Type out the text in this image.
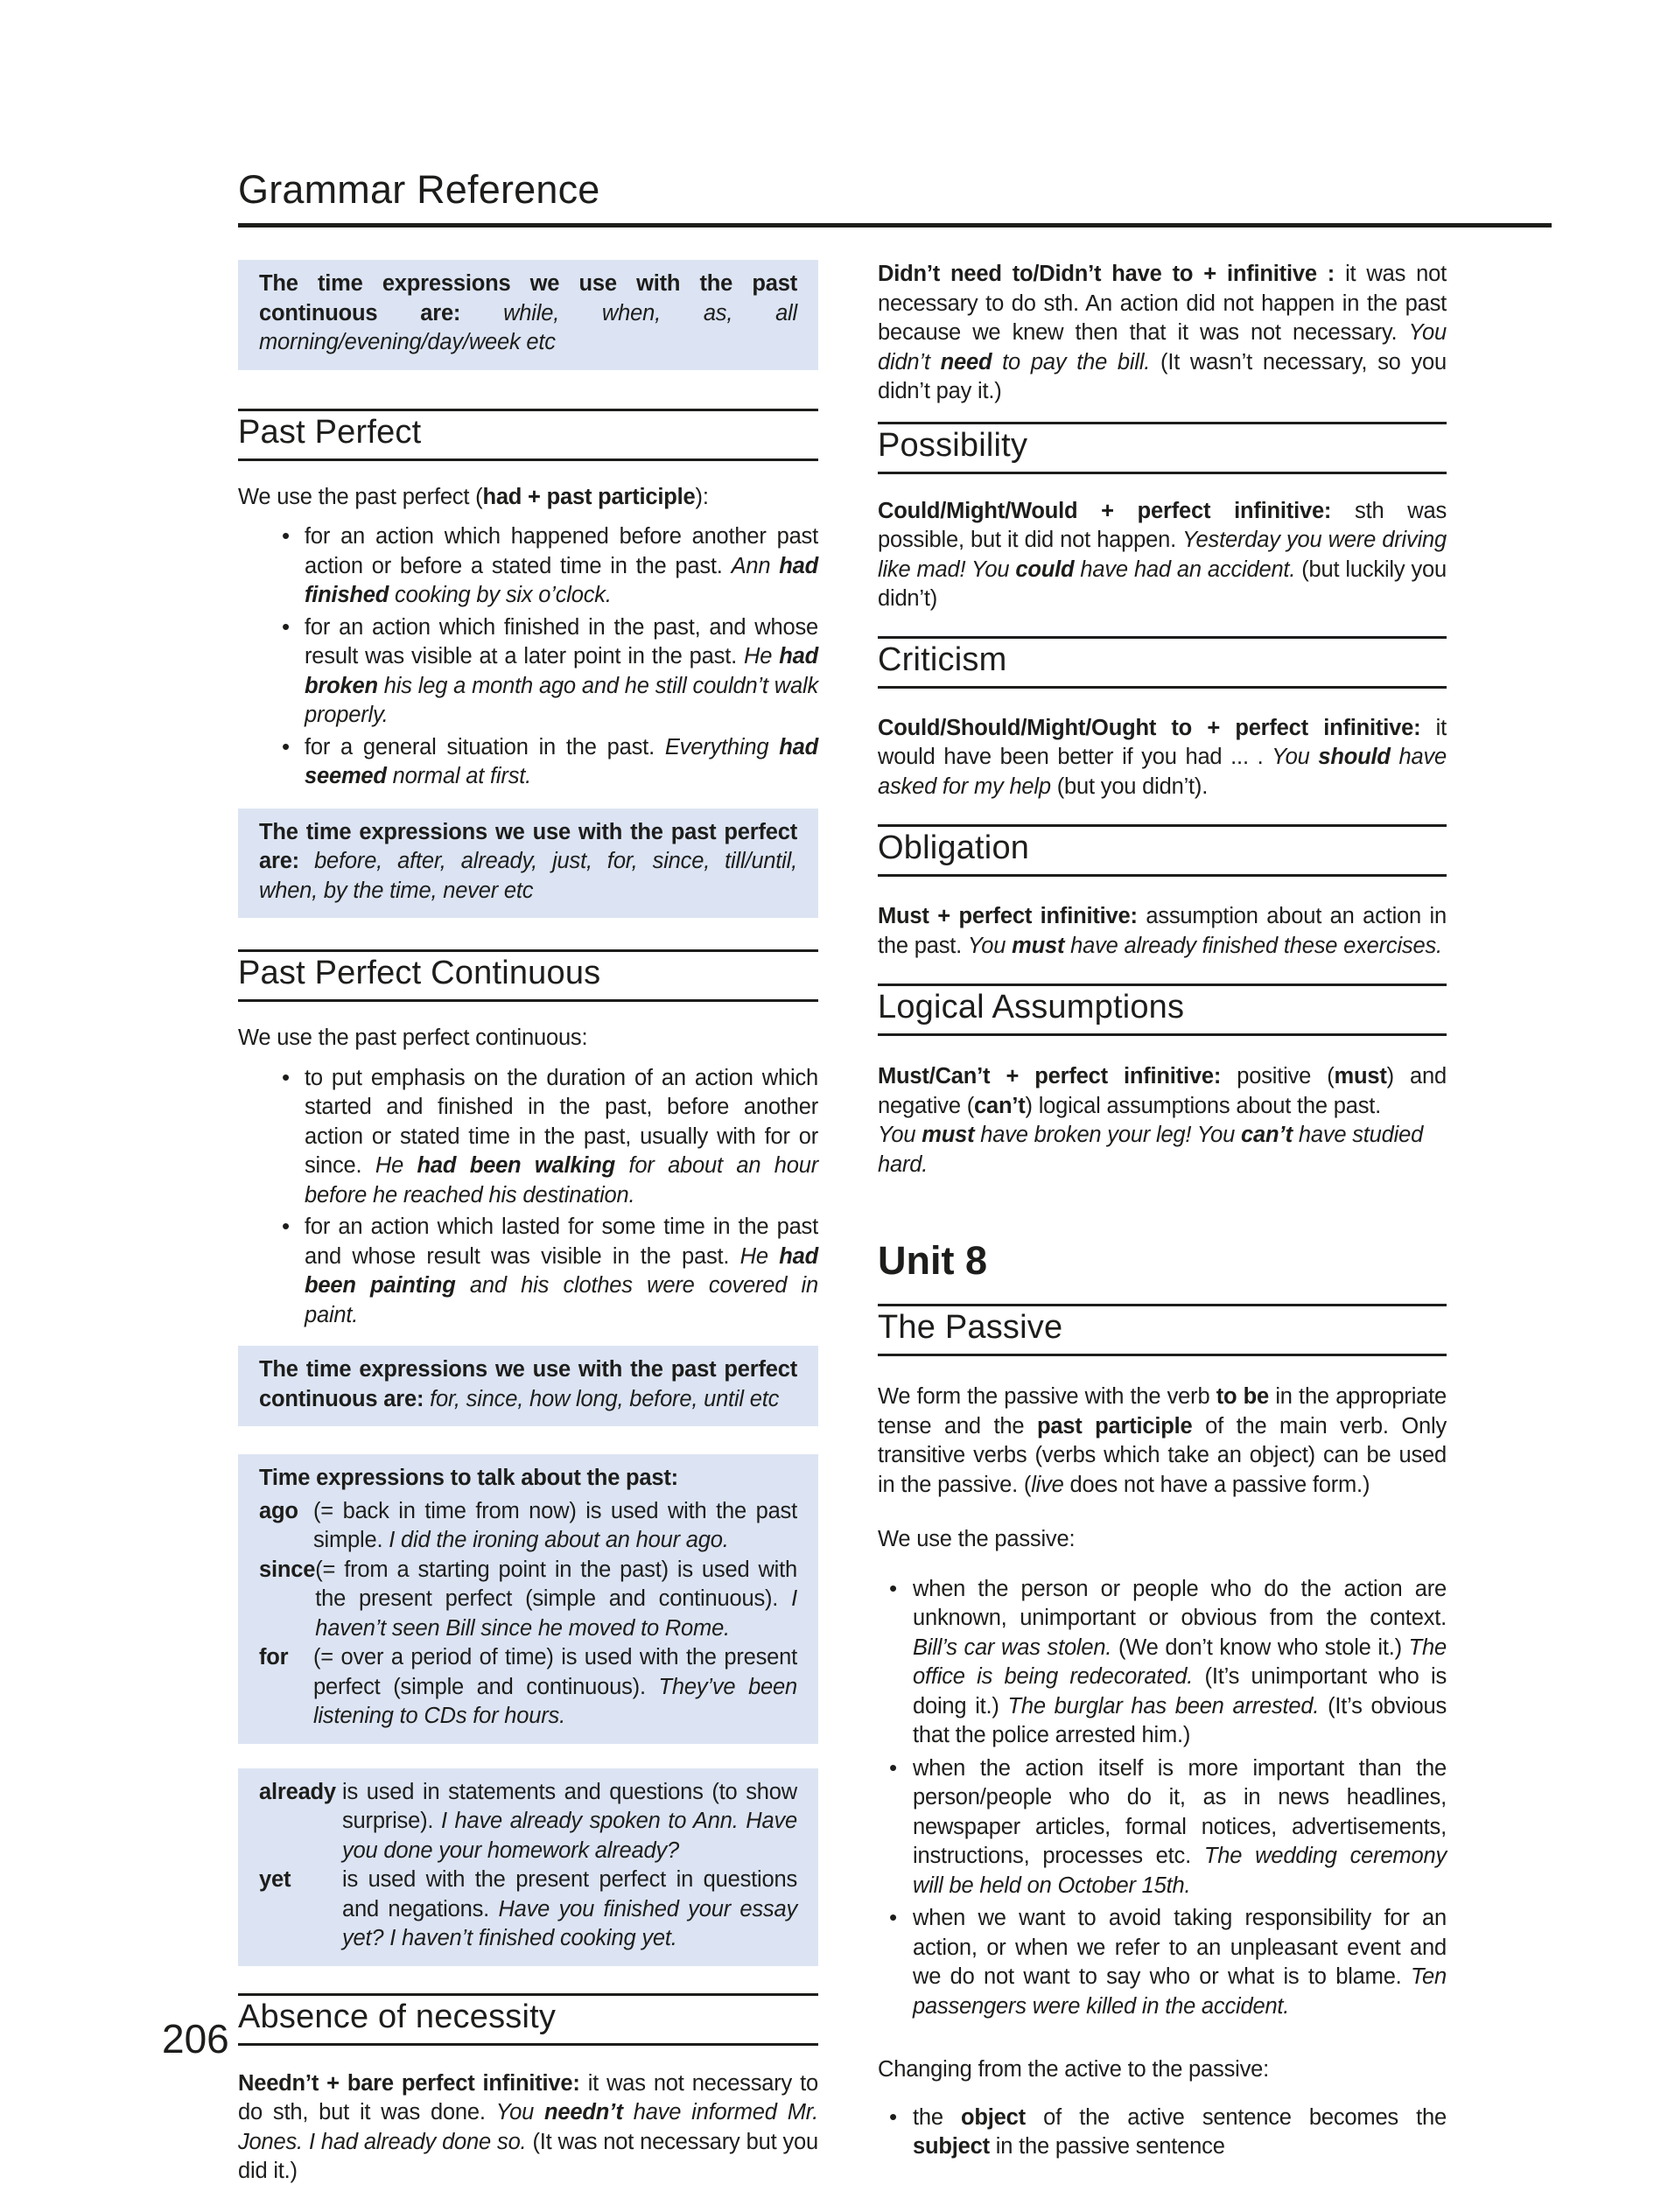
Grammar Reference

The time expressions we use with the past continuous are: while, when, as, all morning/evening/day/week etc

Past Perfect

We use the past perfect (had + past participle):

• for an action which happened before another past action or before a stated time in the past. Ann had finished cooking by six o’clock.
• for an action which finished in the past, and whose result was visible at a later point in the past. He had broken his leg a month ago and he still couldn’t walk properly.
• for a general situation in the past. Everything had seemed normal at first.

The time expressions we use with the past perfect are: before, after, already, just, for, since, till/until, when, by the time, never etc

Past Perfect Continuous

We use the past perfect continuous:

• to put emphasis on the duration of an action which started and finished in the past, before another action or stated time in the past, usually with for or since. He had been walking for about an hour before he reached his destination.
• for an action which lasted for some time in the past and whose result was visible in the past. He had been painting and his clothes were covered in paint.

The time expressions we use with the past perfect continuous are: for, since, how long, before, until etc

Time expressions to talk about the past:

ago (= back in time from now) is used with the past simple. I did the ironing about an hour ago.
since (= from a starting point in the past) is used with the present perfect (simple and continuous). I haven’t seen Bill since he moved to Rome.
for	(= over a period of time) is used with the present perfect (simple and continuous). They’ve been listening to CDs for hours.
already is used in statements and questions (to show surprise). I have already spoken to Ann. Have you done your homework already?
yet	is used with the present perfect in questions and negations. Have you finished your essay yet? I haven’t finished cooking yet.
Absence of necessity

Needn’t + bare perfect infinitive: it was not necessary to do sth, but it was done. You needn’t have informed Mr. Jones. I had already done so. (It was not necessary but you did it.)

Didn’t need to/Didn’t have to + infinitive : it was not necessary to do sth. An action did not happen in the past because we knew then that it was not necessary. You didn’t need to pay the bill. (It wasn’t necessary, so you didn’t pay it.)

Possibility

Could/Might/Would + perfect infinitive: sth was possible, but it did not happen. Yesterday you were driving like mad! You could have had an accident. (but luckily you didn’t)

Criticism

Could/Should/Might/Ought to + perfect infinitive: it would have been better if you had ... . You should have asked for my help (but you didn’t).

Obligation

Must + perfect infinitive: assumption about an action in the past. You must have already finished these exercises.

Logical Assumptions

Must/Can’t + perfect infinitive: positive (must) and negative (can’t) logical assumptions about the past.

You must have broken your leg! You can’t have studied hard.

Unit 8
The Passive

We form the passive with the verb to be in the appropriate tense and the past participle of the main verb. Only transitive verbs (verbs which take an object) can be used in the passive. (live does not have a passive form.)

We use the passive:

• when the person or people who do the action are unknown, unimportant or obvious from the context. Bill’s car was stolen. (We don’t know who stole it.) The office is being redecorated. (It’s unimportant who is doing it.) The burglar has been arrested. (It’s obvious that the police arrested him.)
• when the action itself is more important than the person/people who do it, as in news headlines, newspaper articles, formal notices, advertisements, instructions, processes etc. The wedding ceremony will be held on October 15th.
• when we want to avoid taking responsibility for an action, or when we refer to an unpleasant event and we do not want to say who or what is to blame. Ten passengers were killed in the accident.

Changing from the active to the passive:

• the object of the active sentence becomes the subject in the passive sentence
206
